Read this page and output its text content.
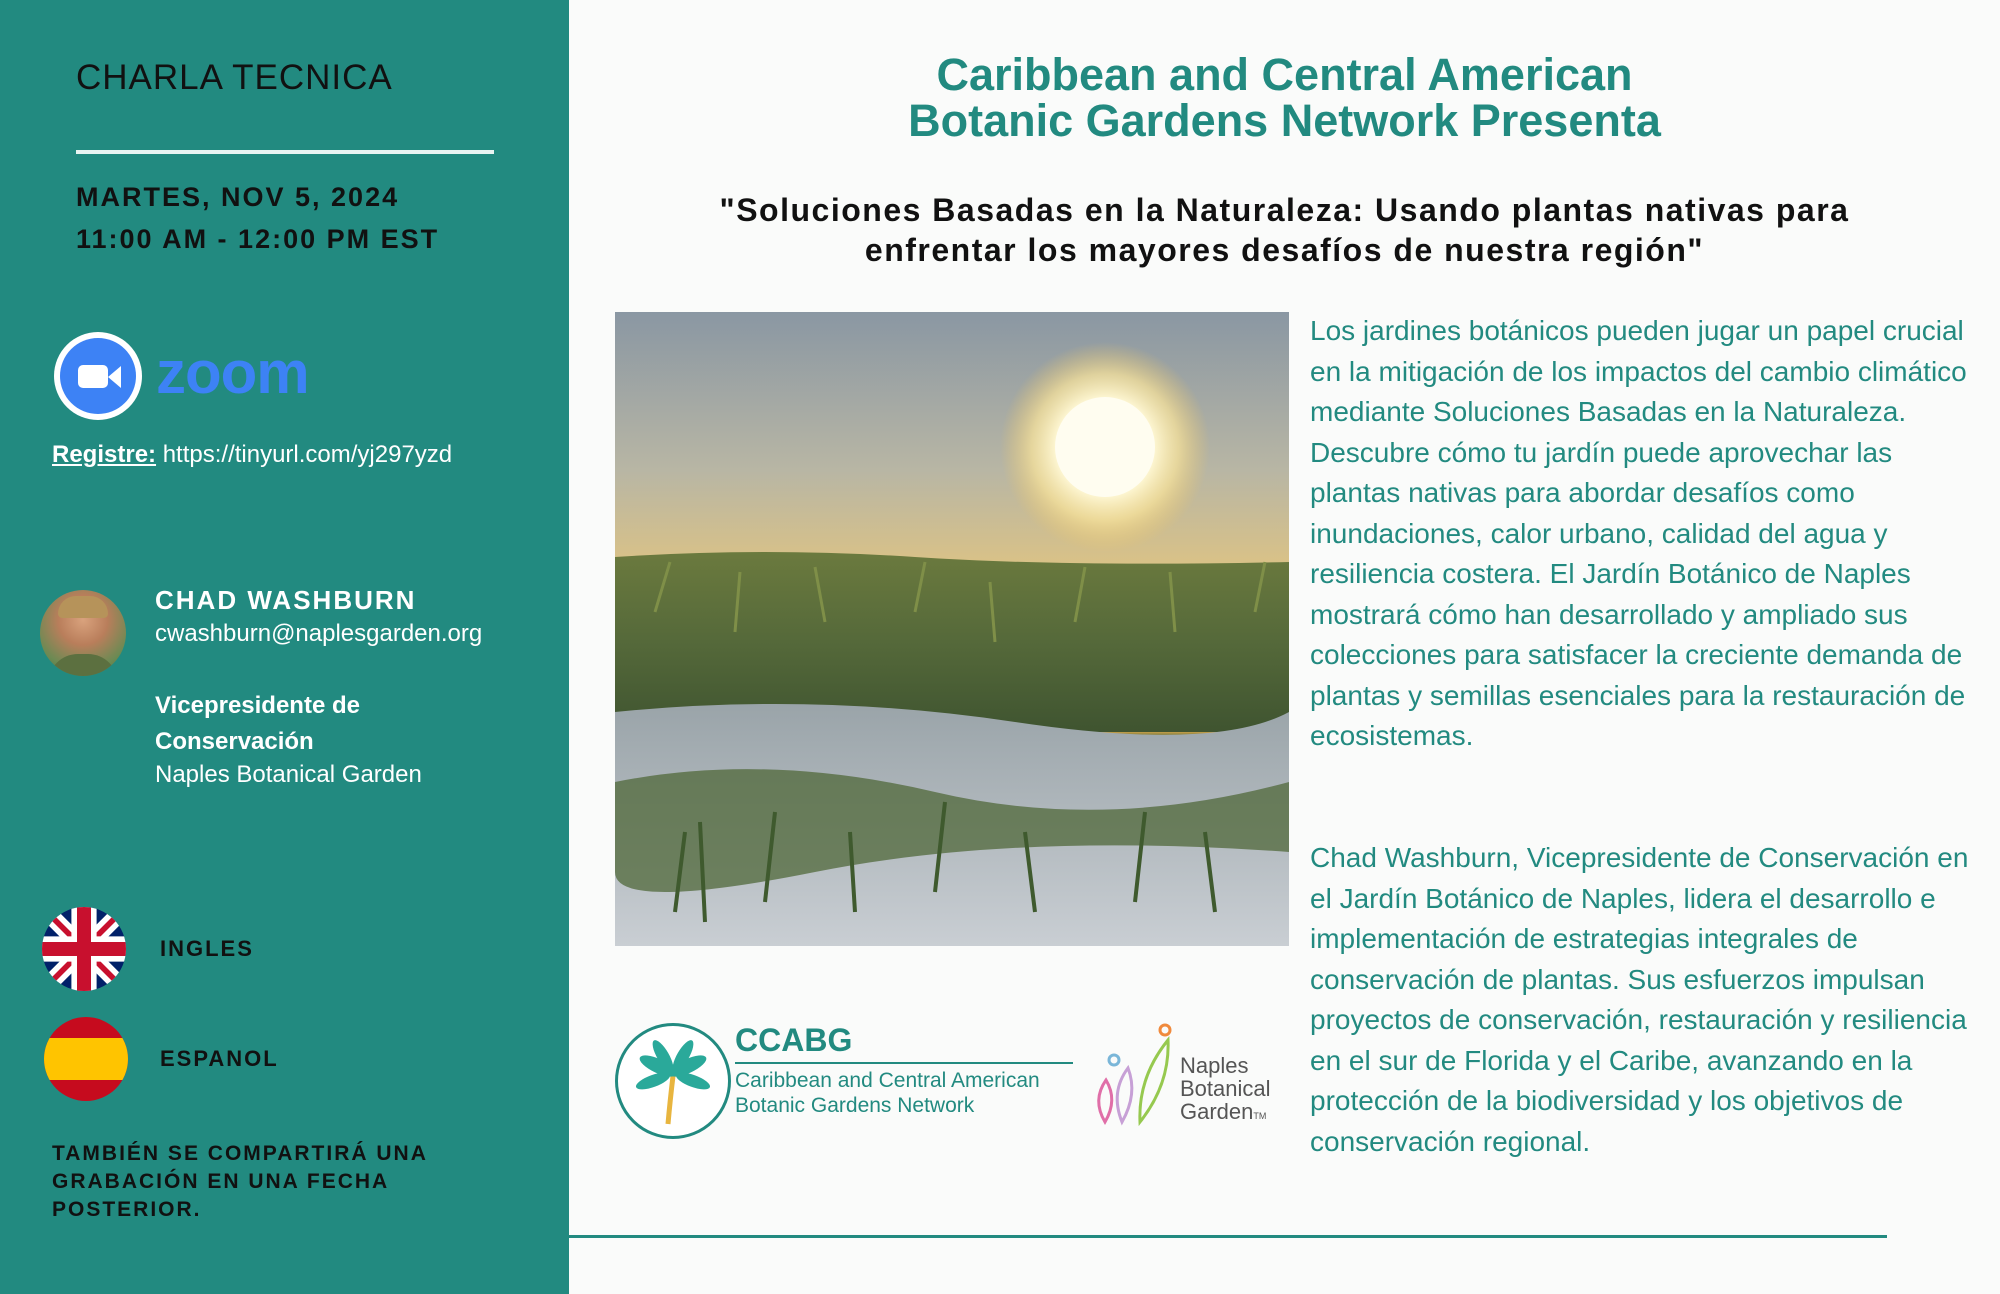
CHARLA TECNICA
MARTES, NOV 5, 2024
11:00 AM - 12:00 PM EST
zoom
Registre: https://tinyurl.com/yj297yzd
CHAD WASHBURN
cwashburn@naplesgarden.org
Vicepresidente de Conservación
Naples Botanical Garden
INGLES
ESPANOL
TAMBIÉN SE COMPARTIRÁ UNA GRABACIÓN EN UNA FECHA POSTERIOR.
Caribbean and Central American
Botanic Gardens Network Presenta
"Soluciones Basadas en la Naturaleza: Usando plantas nativas para
enfrentar los mayores desafíos de nuestra región"
Los jardines botánicos pueden jugar un papel crucial en la mitigación de los impactos del cambio climático mediante Soluciones Basadas en la Naturaleza. Descubre cómo tu jardín puede aprovechar las plantas nativas para abordar desafíos como inundaciones, calor urbano, calidad del agua y resiliencia costera. El Jardín Botánico de Naples mostrará cómo han desarrollado y ampliado sus colecciones para satisfacer la creciente demanda de plantas y semillas esenciales para la restauración de ecosistemas.
Chad Washburn, Vicepresidente de Conservación en el Jardín Botánico de Naples, lidera el desarrollo e implementación de estrategias integrales de conservación de plantas. Sus esfuerzos impulsan proyectos de conservación, restauración y resiliencia en el sur de Florida y el Caribe, avanzando en la protección de la biodiversidad y los objetivos de conservación regional.
CCABG
Caribbean and Central American
Botanic Gardens Network
Naples
Botanical
GardenTM
